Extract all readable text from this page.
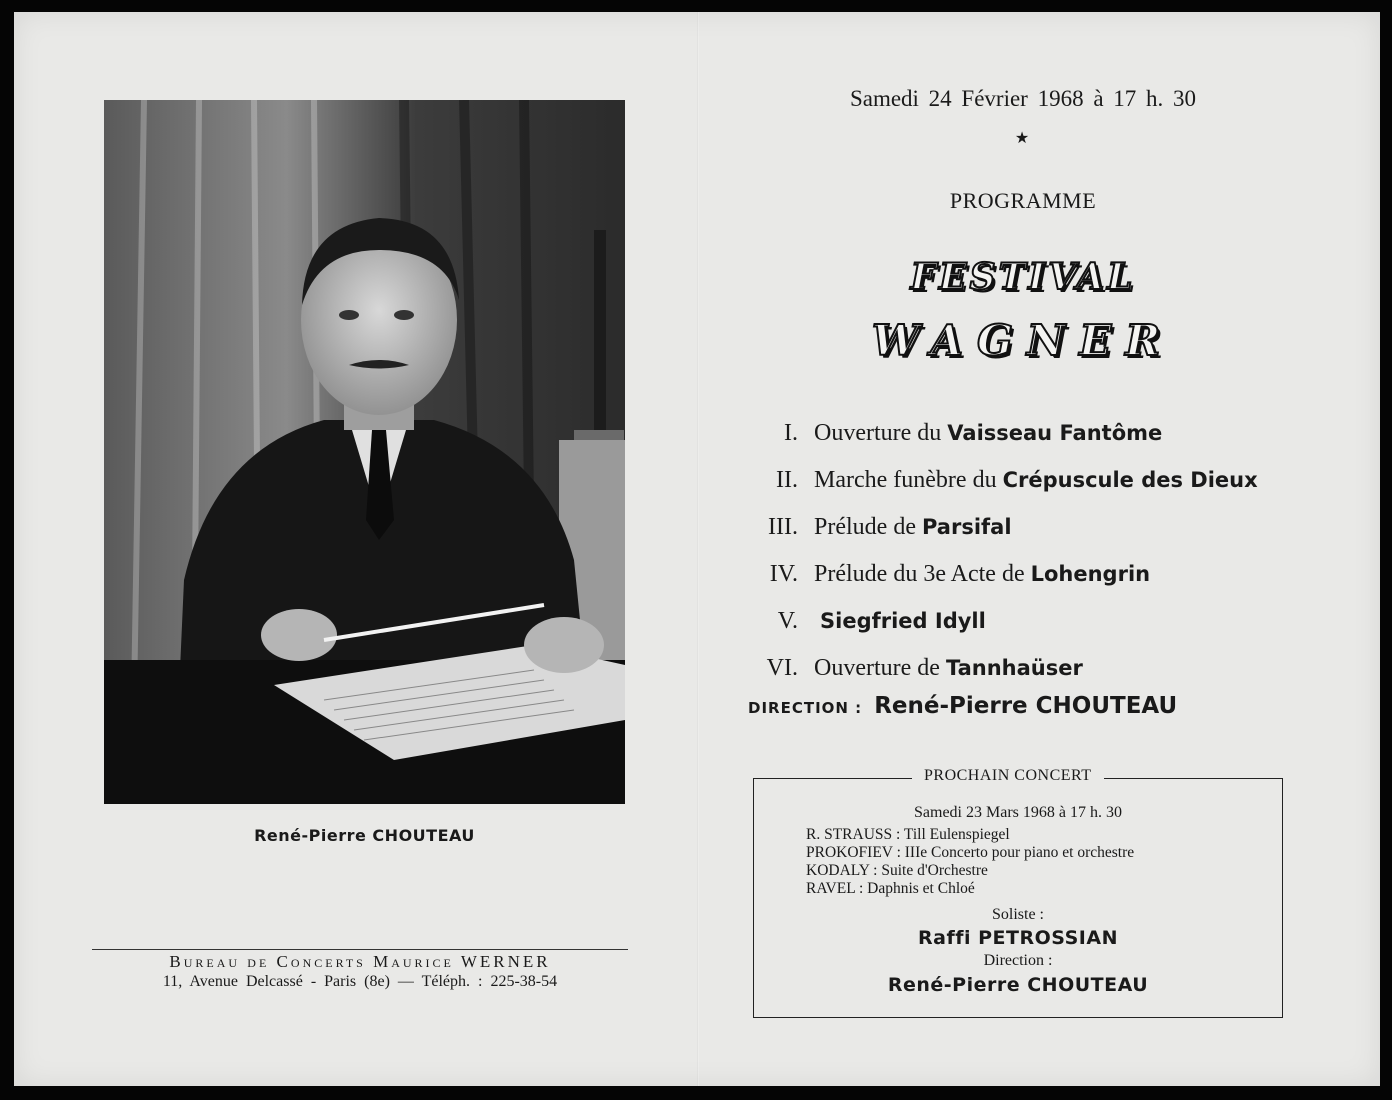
René-Pierre CHOUTEAU
Bureau de Concerts Maurice WERNER
11, Avenue Delcassé - Paris (8e) — Téléph. : 225-38-54
Samedi 24 Février 1968 à 17 h. 30
★
PROGRAMME
FESTIVAL
WAGNER
I. Ouverture du Vaisseau Fantôme
II. Marche funèbre du Crépuscule des Dieux
III. Prélude de Parsifal
IV. Prélude du 3e Acte de Lohengrin
V. Siegfried Idyll
VI. Ouverture de Tannhaüser
DIRECTION : René-Pierre CHOUTEAU
PROCHAIN CONCERT
Samedi 23 Mars 1968 à 17 h. 30
R. STRAUSS : Till Eulenspiegel
PROKOFIEV : IIIe Concerto pour piano et orchestre
KODALY : Suite d'Orchestre
RAVEL : Daphnis et Chloé
Soliste :
Raffi PETROSSIAN
Direction :
René-Pierre CHOUTEAU
